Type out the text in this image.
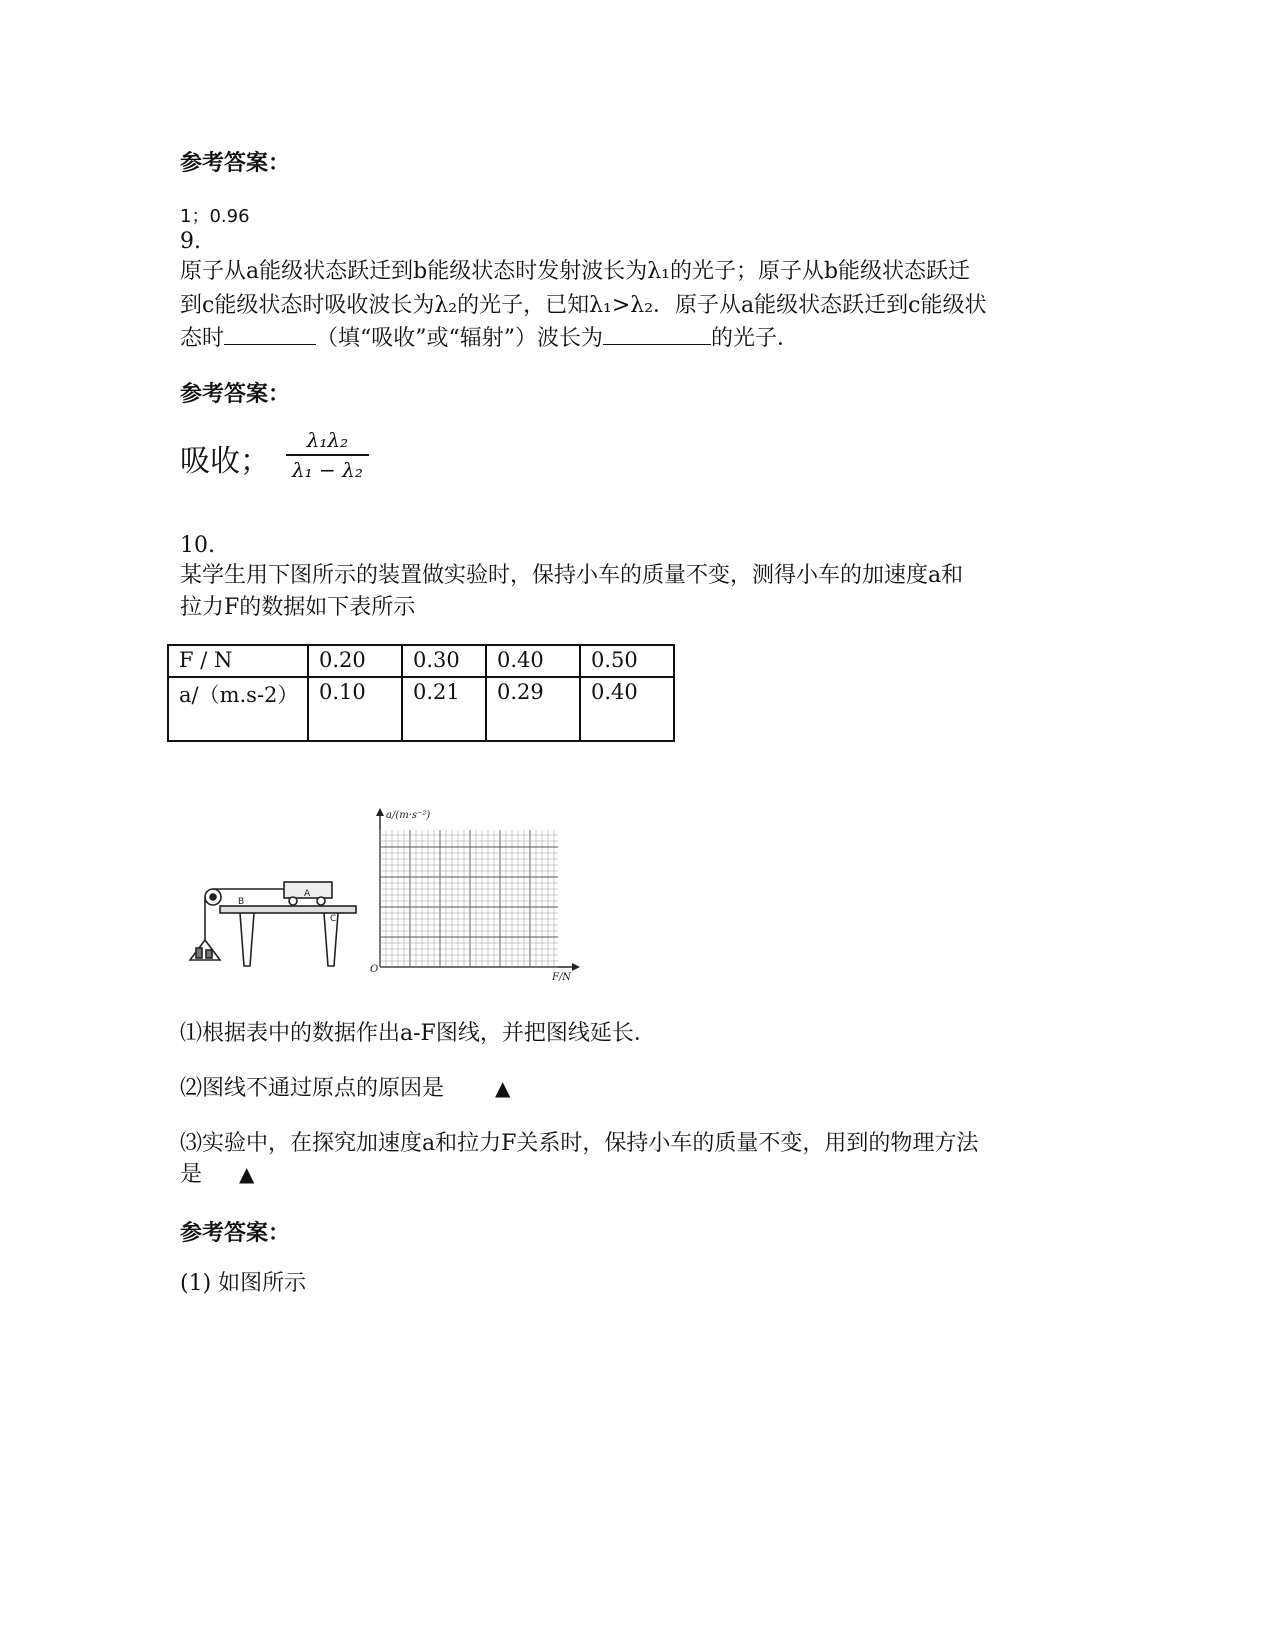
参考答案：
1；0.96
9.
原子从a能级状态跃迁到b能级状态时发射波长为λ₁的光子；原子从b能级状态跃迁
到c能级状态时吸收波长为λ₂的光子，已知λ₁>λ₂．原子从a能级状态跃迁到c能级状
态时	（填“吸收”或“辐射”）波长为	的光子．
参考答案：
吸收； $\frac{\text{λ₁λ₂}}{\text{λ₁ − λ₂}}$
10.
某学生用下图所示的装置做实验时，保持小车的质量不变，测得小车的加速度a和
拉力F的数据如下表所示
F / N	0.20	0.30	0.40	0.50
a/（m.s-2）	0.10	0.21	0.29	0.40
A
B
C
a/(m·s⁻²)
F/N
O
⑴根据表中的数据作出a-F图线，并把图线延长．
⑵图线不通过原点的原因是	▲
⑶实验中，在探究加速度a和拉力F关系时，保持小车的质量不变，用到的物理方法
是 ▲
参考答案：
(1) 如图所示
